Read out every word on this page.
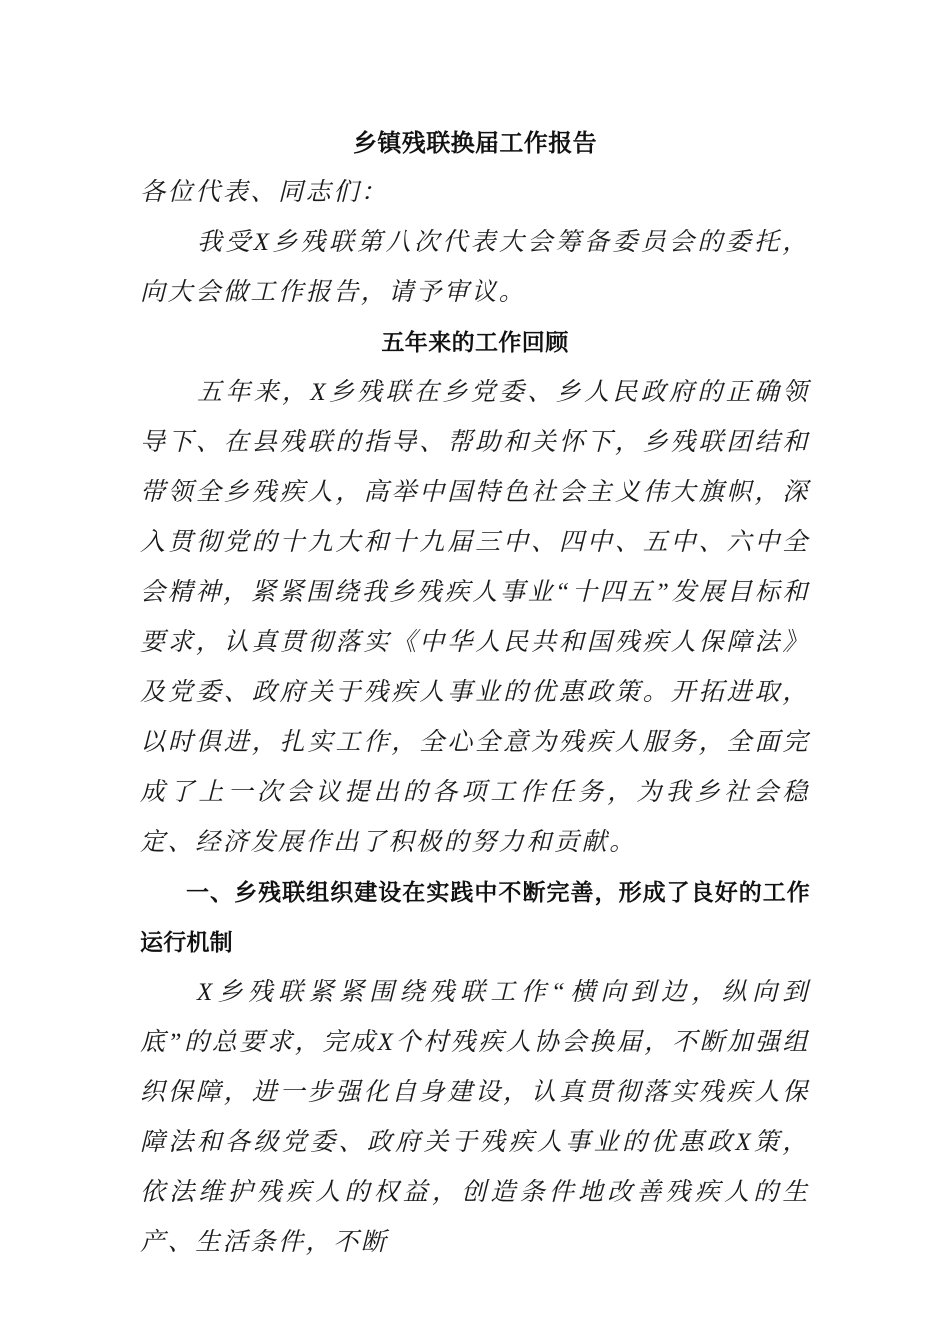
乡镇残联换届工作报告

各位代表、同志们：

我受X乡残联第八次代表大会筹备委员会的委托，向大会做工作报告，请予审议。

五年来的工作回顾

五年来，X乡残联在乡党委、乡人民政府的正确领导下、在县残联的指导、帮助和关怀下，乡残联团结和带领全乡残疾人，高举中国特色社会主义伟大旗帜，深入贯彻党的十九大和十九届三中、四中、五中、六中全会精神，紧紧围绕我乡残疾人事业“十四五”发展目标和要求，认真贯彻落实《中华人民共和国残疾人保障法》及党委、政府关于残疾人事业的优惠政策。开拓进取，以时俱进，扎实工作，全心全意为残疾人服务，全面完成了上一次会议提出的各项工作任务，为我乡社会稳定、经济发展作出了积极的努力和贡献。

一、乡残联组织建设在实践中不断完善，形成了良好的工作运行机制

X乡残联紧紧围绕残联工作“横向到边，纵向到底”的总要求，完成X个村残疾人协会换届，不断加强组织保障，进一步强化自身建设，认真贯彻落实残疾人保障法和各级党委、政府关于残疾人事业的优惠政X策，依法维护残疾人的权益，创造条件地改善残疾人的生产、生活条件，不断
